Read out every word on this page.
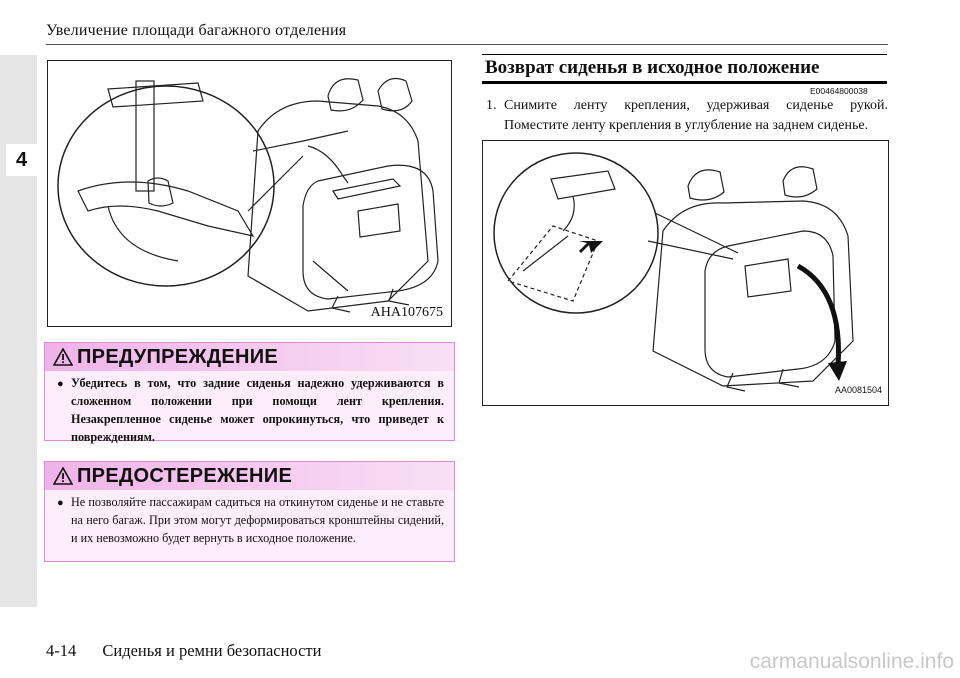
Увеличение площади багажного отделения
4
AHA107675
ПРЕДУПРЕЖДЕНИЕ
● Убедитесь в том, что задние сиденья надежно удерживаются в сложенном положении при помощи лент крепления. Незакрепленное сиденье может опрокинуться, что приведет к повреждениям.
ПРЕДОСТЕРЕЖЕНИЕ
● Не позволяйте пассажирам садиться на откинутом сиденье и не ставьте на него багаж. При этом могут деформироваться кронштейны сидений, и их невозможно будет вернуть в исходное положение.
Возврат сиденья в исходное положение
E00464800038
1. Снимите ленту крепления, удерживая сиденье рукой. Поместите ленту крепления в углубление на заднем сиденье.
AA0081504
4-14 Сиденья и ремни безопасности	carmanualsonline.info
